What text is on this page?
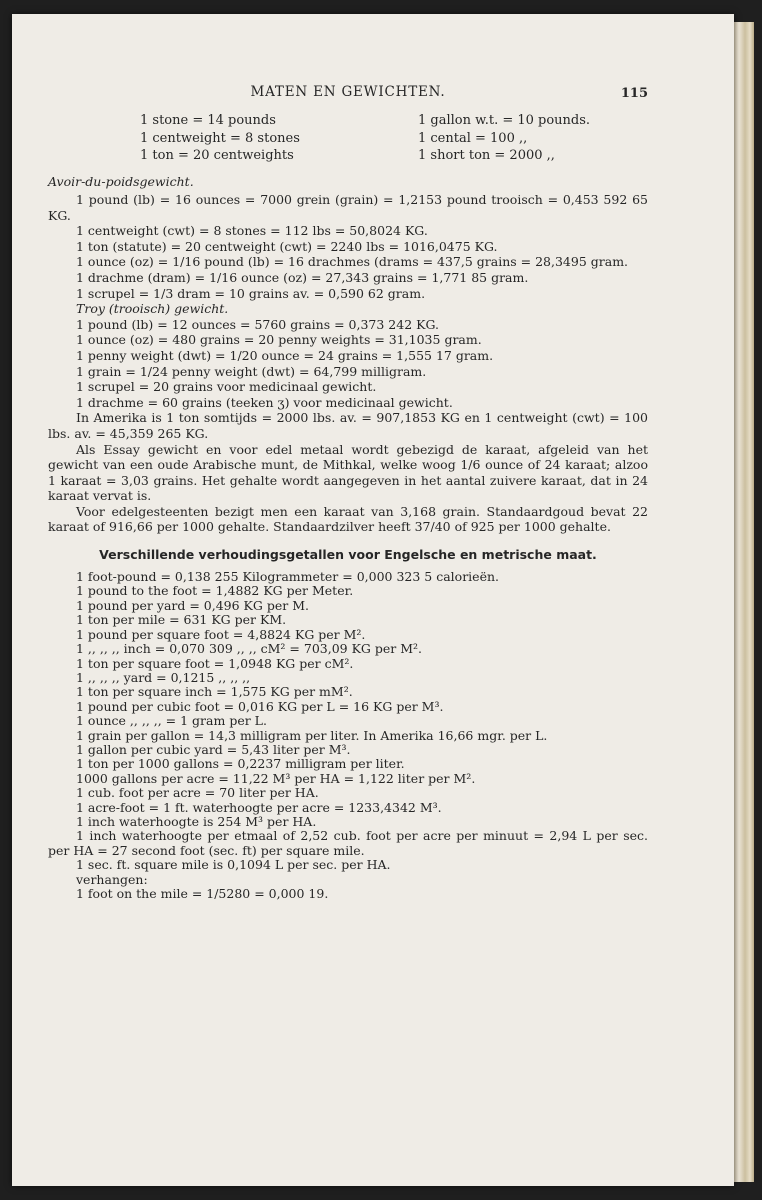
MATEN EN GEWICHTEN.	115
1 stone = 14 pounds
1 centweight = 8 stones
1 ton = 20 centweights
1 gallon w.t. = 10 pounds.
1 cental = 100 ,,
1 short ton = 2000 ,,
Avoir-du-poidsgewicht.

1 pound (lb) = 16 ounces = 7000 grein (grain) = 1,2153 pound trooisch = 0,453 592 65 KG.

1 centweight (cwt) = 8 stones = 112 lbs = 50,8024 KG.
1 ton (statute) = 20 centweight (cwt) = 2240 lbs = 1016,0475 KG.

1 ounce (oz) = 1/16 pound (lb) = 16 drachmes (drams = 437,5 grains = 28,3495 gram.

1 drachme (dram) = 1/16 ounce (oz) = 27,343 grains = 1,771 85 gram.
1 scrupel = 1/3 dram = 10 grains av. = 0,590 62 gram.
Troy (trooisch) gewicht.
1 pound (lb) = 12 ounces = 5760 grains = 0,373 242 KG.
1 ounce (oz) = 480 grains = 20 penny weights = 31,1035 gram.
1 penny weight (dwt) = 1/20 ounce = 24 grains = 1,555 17 gram.
1 grain = 1/24 penny weight (dwt) = 64,799 milligram.
1 scrupel = 20 grains voor medicinaal gewicht.
1 drachme = 60 grains (teeken ʒ) voor medicinaal gewicht.

In Amerika is 1 ton somtijds = 2000 lbs. av. = 907,1853 KG en 1 centweight (cwt) = 100 lbs. av. = 45,359 265 KG.

Als Essay gewicht en voor edel metaal wordt gebezigd de karaat, afgeleid van het gewicht van een oude Arabische munt, de Mithkal, welke woog 1/6 ounce of 24 karaat; alzoo 1 karaat = 3,03 grains. Het gehalte wordt aangegeven in het aantal zuivere karaat, dat in 24 karaat vervat is.

Voor edelgesteenten bezigt men een karaat van 3,168 grain. Standaardgoud bevat 22 karaat of 916,66 per 1000 gehalte. Standaardzilver heeft 37/40 of 925 per 1000 gehalte.

Verschillende verhoudingsgetallen voor Engelsche en metrische maat.
1 foot-pound = 0,138 255 Kilogrammeter = 0,000 323 5 calorieën.
1 pound to the foot = 1,4882 KG per Meter.
1 pound per yard = 0,496 KG per M.
1 ton per mile = 631 KG per KM.
1 pound per square foot = 4,8824 KG per M².
1 ,, ,, ,, inch = 0,070 309 ,, ,, cM² = 703,09 KG per M².
1 ton per square foot = 1,0948 KG per cM².
1 ,, ,, ,, yard = 0,1215 ,, ,, ,,
1 ton per square inch = 1,575 KG per mM².
1 pound per cubic foot = 0,016 KG per L = 16 KG per M³.
1 ounce ,, ,, ,, = 1 gram per L.
1 grain per gallon = 14,3 milligram per liter. In Amerika 16,66 mgr. per L.
1 gallon per cubic yard = 5,43 liter per M³.
1 ton per 1000 gallons = 0,2237 milligram per liter.
1000 gallons per acre = 11,22 M³ per HA = 1,122 liter per M².
1 cub. foot per acre = 70 liter per HA.
1 acre-foot = 1 ft. waterhoogte per acre = 1233,4342 M³.
1 inch waterhoogte is 254 M³ per HA.

1 inch waterhoogte per etmaal of 2,52 cub. foot per acre per minuut = 2,94 L per sec. per HA = 27 second foot (sec. ft) per square mile.

1 sec. ft. square mile is 0,1094 L per sec. per HA.
verhangen:
1 foot on the mile = 1/5280 = 0,000 19.
